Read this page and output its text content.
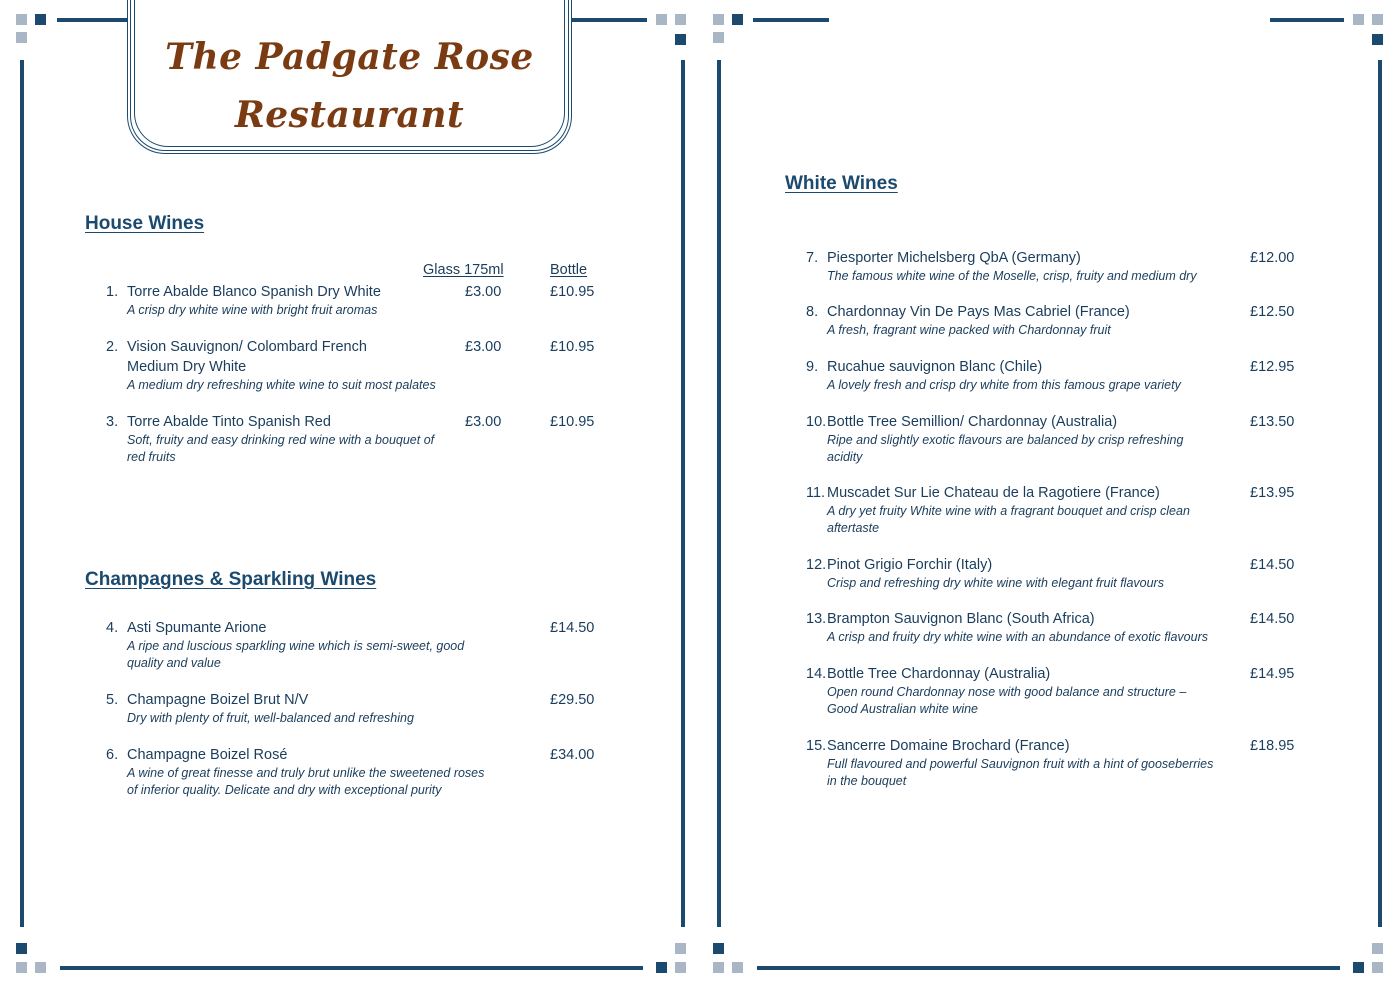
The Padgate Rose
Restaurant
House Wines
Glass 175ml	Bottle
1. Torre Abalde Blanco Spanish Dry White
A crisp dry white wine with bright fruit aromas
£3.00	£10.95
2. Vision Sauvignon/ Colombard French
Medium Dry White
A medium dry refreshing white wine to suit most palates
£3.00	£10.95
3. Torre Abalde Tinto Spanish Red
Soft, fruity and easy drinking red wine with a bouquet of
red fruits
£3.00	£10.95
Champagnes & Sparkling Wines
4. Asti Spumante Arione
A ripe and luscious sparkling wine which is semi-sweet, good
quality and value
£14.50
5. Champagne Boizel Brut N/V
Dry with plenty of fruit, well-balanced and refreshing
£29.50
6. Champagne Boizel Rosé
A wine of great finesse and truly brut unlike the sweetened roses
of inferior quality. Delicate and dry with exceptional purity
£34.00
White Wines
7. Piesporter Michelsberg QbA (Germany)
The famous white wine of the Moselle, crisp, fruity and medium dry
£12.00
8. Chardonnay Vin De Pays Mas Cabriel (France)
A fresh, fragrant wine packed with Chardonnay fruit
£12.50
9. Rucahue sauvignon Blanc (Chile)
A lovely fresh and crisp dry white from this famous grape variety
£12.95
10. Bottle Tree Semillion/ Chardonnay (Australia)
Ripe and slightly exotic flavours are balanced by crisp refreshing
acidity
£13.50
11. Muscadet Sur Lie Chateau de la Ragotiere (France)
A dry yet fruity White wine with a fragrant bouquet and crisp clean
aftertaste
£13.95
12. Pinot Grigio Forchir (Italy)
Crisp and refreshing dry white wine with elegant fruit flavours
£14.50
13. Brampton Sauvignon Blanc (South Africa)
A crisp and fruity dry white wine with an abundance of exotic flavours
£14.50
14. Bottle Tree Chardonnay (Australia)
Open round Chardonnay nose with good balance and structure –
Good Australian white wine
£14.95
15. Sancerre Domaine Brochard (France)
Full flavoured and powerful Sauvignon fruit with a hint of gooseberries
in the bouquet
£18.95
